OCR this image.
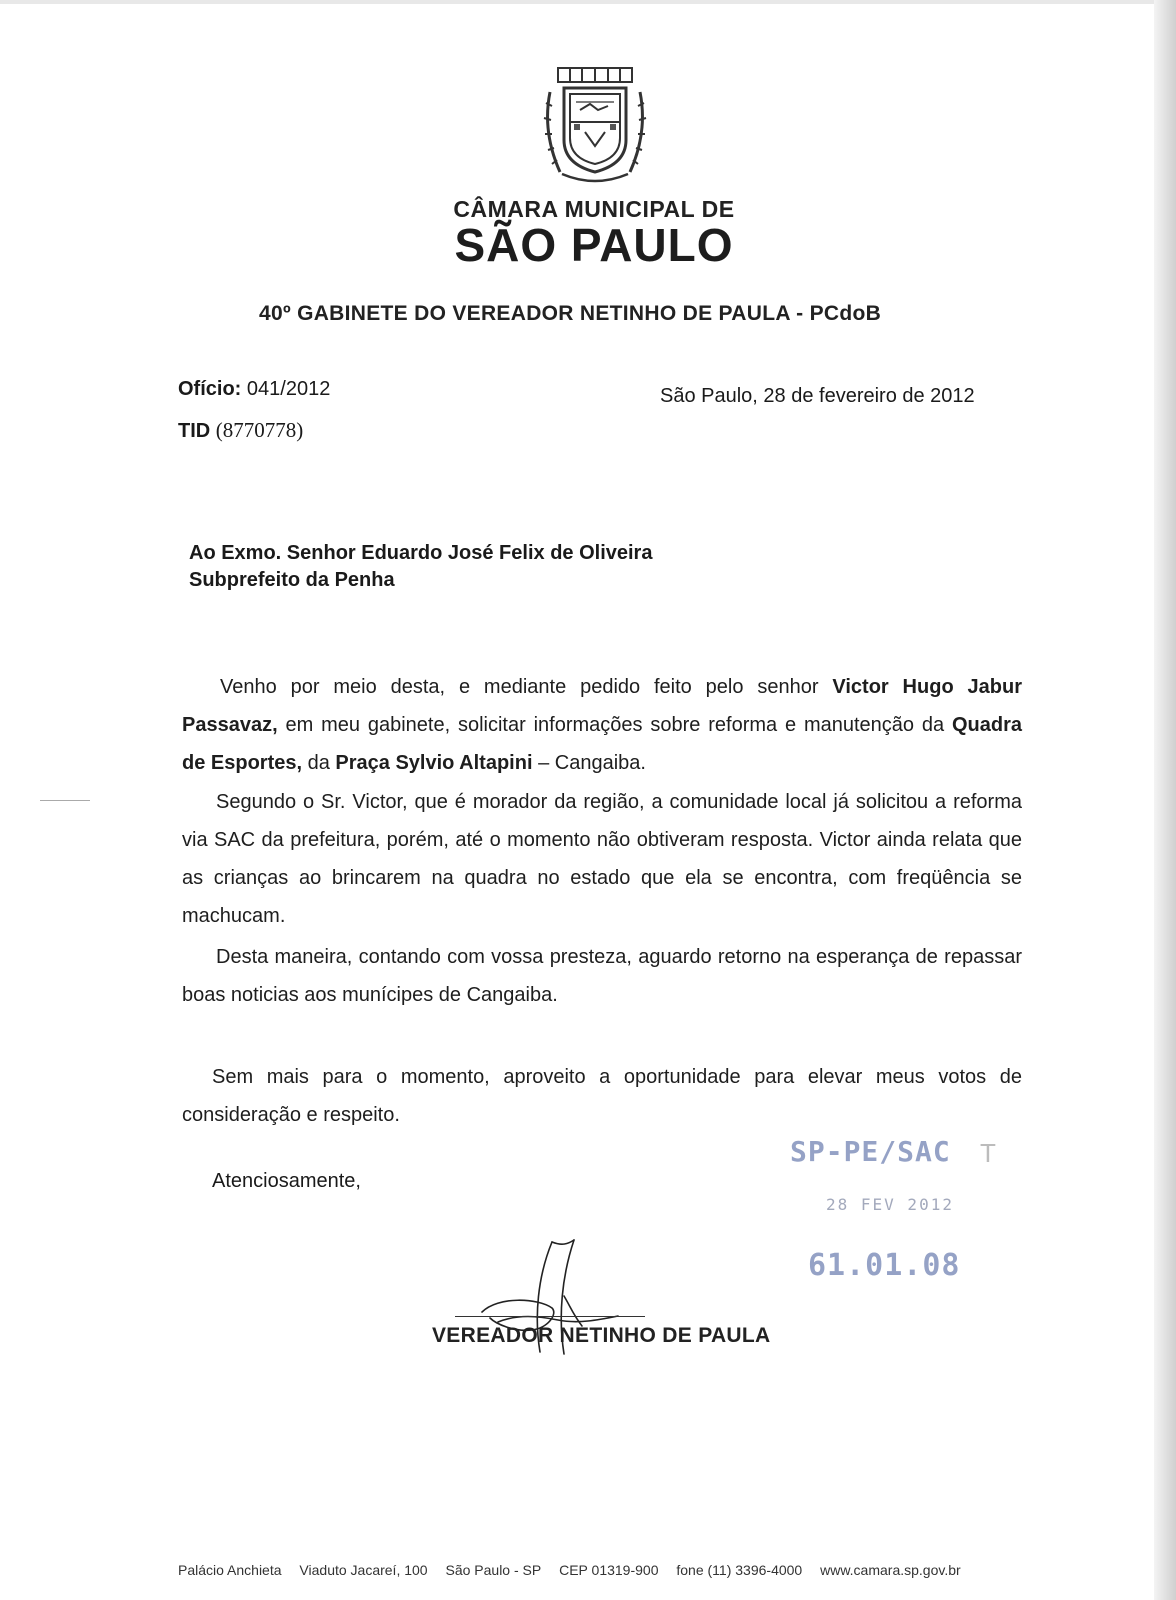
CÂMARA MUNICIPAL DE
SÃO PAULO
40º GABINETE DO VEREADOR NETINHO DE PAULA - PCdoB
Ofício: 041/2012
TID (8770778)
São Paulo, 28 de fevereiro de 2012
Ao Exmo. Senhor Eduardo José Felix de Oliveira
Subprefeito da Penha
Venho por meio desta, e mediante pedido feito pelo senhor Victor Hugo Jabur Passavaz, em meu gabinete, solicitar informações sobre reforma e manutenção da Quadra de Esportes, da Praça Sylvio Altapini – Cangaiba.
Segundo o Sr. Victor, que é morador da região, a comunidade local já solicitou a reforma via SAC da prefeitura, porém, até o momento não obtiveram resposta. Victor ainda relata que as crianças ao brincarem na quadra no estado que ela se encontra, com freqüência se machucam.
Desta maneira, contando com vossa presteza, aguardo retorno na esperança de repassar boas noticias aos munícipes de Cangaiba.
Sem mais para o momento, aproveito a oportunidade para elevar meus votos de consideração e respeito.
Atenciosamente,
SP-PE/SAC T
28 FEV 2012
61.01.08
VEREADOR NETINHO DE PAULA
Palácio Anchieta Viaduto Jacareí, 100 São Paulo - SP CEP 01319-900 fone (11) 3396-4000 www.camara.sp.gov.br
